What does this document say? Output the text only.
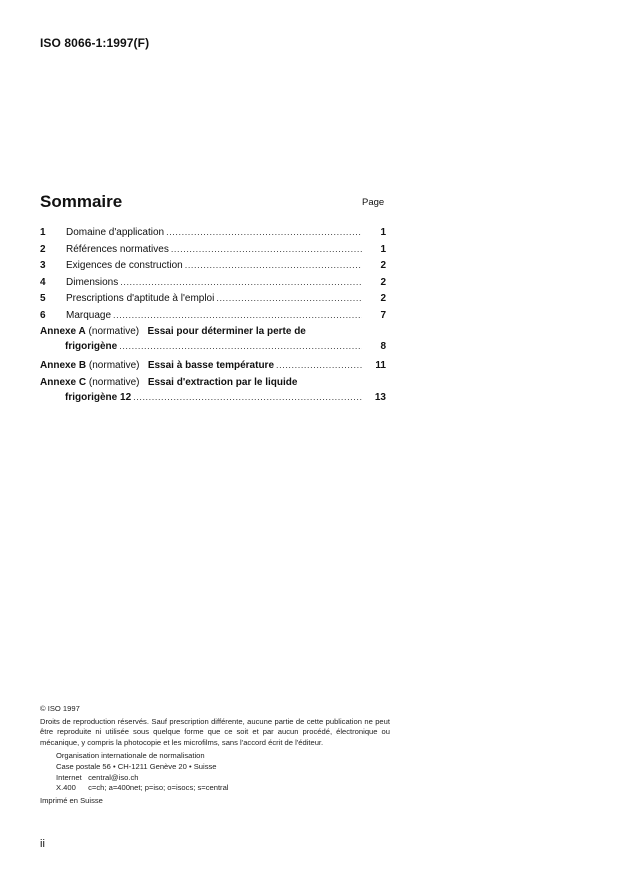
ISO 8066-1:1997(F)
Sommaire	Page
1	Domaine d'application .....	1
2	Références normatives .....	1
3	Exigences de construction .....	2
4	Dimensions .....	2
5	Prescriptions d'aptitude à l'emploi .....	2
6	Marquage .....	7
Annexe A (normative) Essai pour déterminer la perte de
frigorigène .....	8
Annexe B (normative) Essai à basse température .....	11
Annexe C (normative) Essai d'extraction par le liquide
frigorigène 12 .....	13
© ISO 1997
Droits de reproduction réservés. Sauf prescription différente, aucune partie de cette publication ne peut être reproduite ni utilisée sous quelque forme que ce soit et par aucun procédé, électronique ou mécanique, y compris la photocopie et les microfilms, sans l'accord écrit de l'éditeur.
Organisation internationale de normalisation
Case postale 56 • CH-1211 Genève 20 • Suisse
Internet central@iso.ch
X.400 c=ch; a=400net; p=iso; o=isocs; s=central
Imprimé en Suisse
ii
